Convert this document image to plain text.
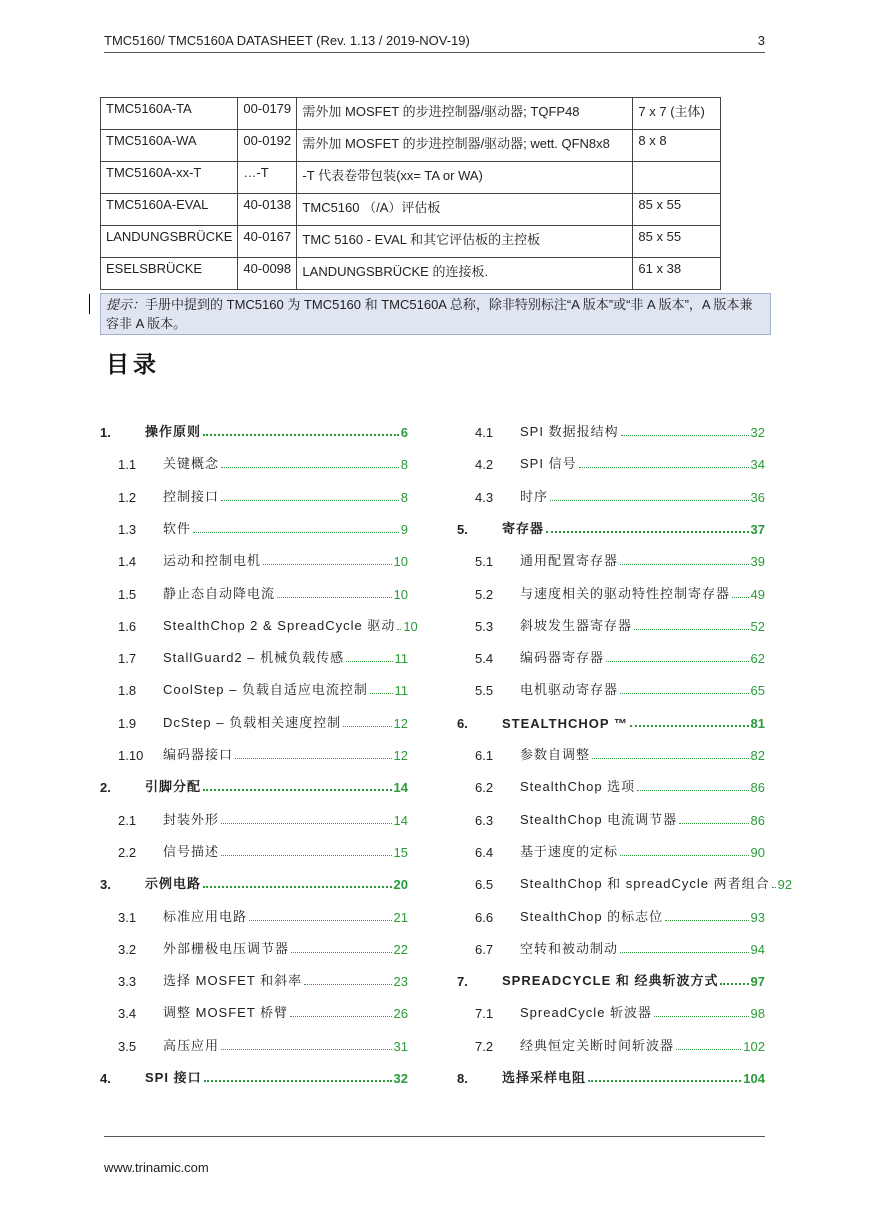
TMC5160/ TMC5160A DATASHEET (Rev. 1.13 / 2019-NOV-19)	3
TMC5160A-TA	00-0179	需外加 MOSFET 的步进控制器/驱动器; TQFP48	7 x 7 (主体)
TMC5160A-WA	00-0192	需外加 MOSFET 的步进控制器/驱动器; wett. QFN8x8	8 x 8
TMC5160A-xx-T	…-T	-T 代表卷带包装(xx= TA or WA)	
TMC5160A-EVAL	40-0138	TMC5160 （/A）评估板	85 x 55
LANDUNGSBRÜCKE	40-0167	TMC 5160 - EVAL 和其它评估板的主控板	85 x 55
ESELSBRÜCKE	40-0098	LANDUNGSBRÜCKE 的连接板.	61 x 38
提示：手册中提到的 TMC5160 为 TMC5160 和 TMC5160A 总称，除非特别标注“A 版本”或“非 A 版本”，A 版本兼容非 A 版本。
目录
1.	操作原则	6
1.1	关键概念	8
1.2	控制接口	8
1.3	软件	9
1.4	运动和控制电机	10
1.5	静止态自动降电流	10
1.6	StealthChop 2 & SpreadCycle 驱动 10
1.7	StallGuard2 – 机械负载传感	11
1.8	CoolStep – 负载自适应电流控制 11
1.9	DcStep – 负载相关速度控制	12
1.10	编码器接口	12
2.	引脚分配	14
2.1	封装外形	14
2.2	信号描述	15
3.	示例电路	20
3.1	标准应用电路	21
3.2	外部栅极电压调节器	22
3.3	选择 MOSFET 和斜率	23
3.4	调整 MOSFET 桥臂	26
3.5	高压应用	31
4.	SPI 接口	32
4.1	SPI 数据报结构	32
4.2	SPI 信号	34
4.3	时序	36
5.	寄存器	37
5.1	通用配置寄存器	39
5.2	与速度相关的驱动特性控制寄存器 49
5.3	斜坡发生器寄存器	52
5.4	编码器寄存器	62
5.5	电机驱动寄存器	65
6.	STEALTHCHOP ™	81
6.1	参数自调整	82
6.2	StealthChop 选项	86
6.3	StealthChop 电流调节器	86
6.4	基于速度的定标	90
6.5	StealthChop 和 spreadCycle 两者组合 92
6.6	StealthChop 的标志位	93
6.7	空转和被动制动	94
7.	SPREADCYCLE 和 经典斩波方式 97
7.1	SpreadCycle 斩波器	98
7.2	经典恒定关断时间斩波器	102
8.	选择采样电阻	104
www.trinamic.com
